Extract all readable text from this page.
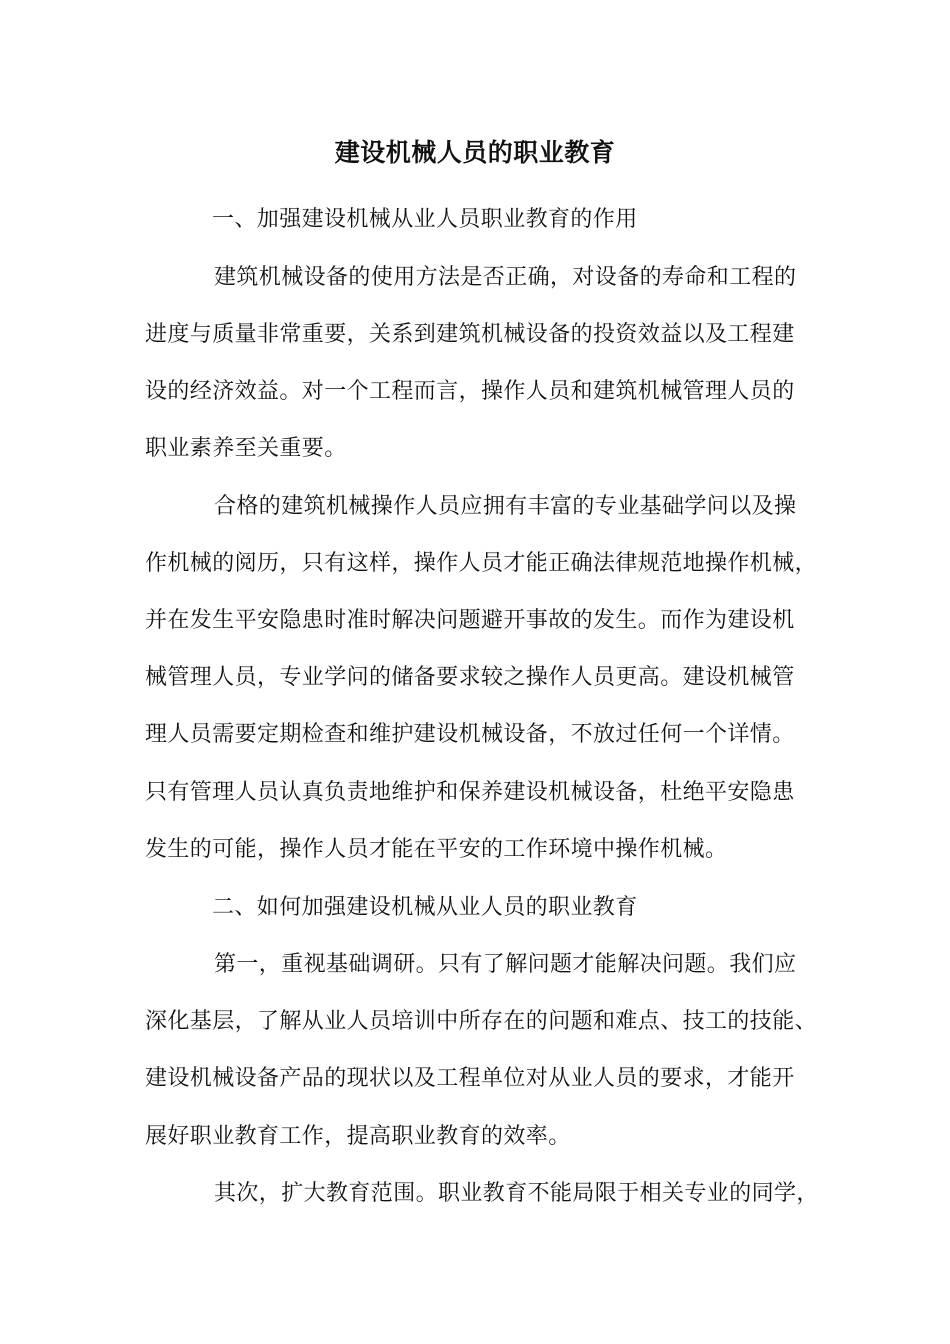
建设机械人员的职业教育
一、加强建设机械从业人员职业教育的作用
建筑机械设备的使用方法是否正确，对设备的寿命和工程的
进度与质量非常重要，关系到建筑机械设备的投资效益以及工程建
设的经济效益。对一个工程而言，操作人员和建筑机械管理人员的
职业素养至关重要。
合格的建筑机械操作人员应拥有丰富的专业基础学问以及操
作机械的阅历，只有这样，操作人员才能正确法律规范地操作机械，
并在发生平安隐患时准时解决问题避开事故的发生。而作为建设机
械管理人员，专业学问的储备要求较之操作人员更高。建设机械管
理人员需要定期检查和维护建设机械设备，不放过任何一个详情。
只有管理人员认真负责地维护和保养建设机械设备，杜绝平安隐患
发生的可能，操作人员才能在平安的工作环境中操作机械。
二、如何加强建设机械从业人员的职业教育
第一，重视基础调研。只有了解问题才能解决问题。我们应
深化基层，了解从业人员培训中所存在的问题和难点、技工的技能、
建设机械设备产品的现状以及工程单位对从业人员的要求，才能开
展好职业教育工作，提高职业教育的效率。
其次，扩大教育范围。职业教育不能局限于相关专业的同学，
